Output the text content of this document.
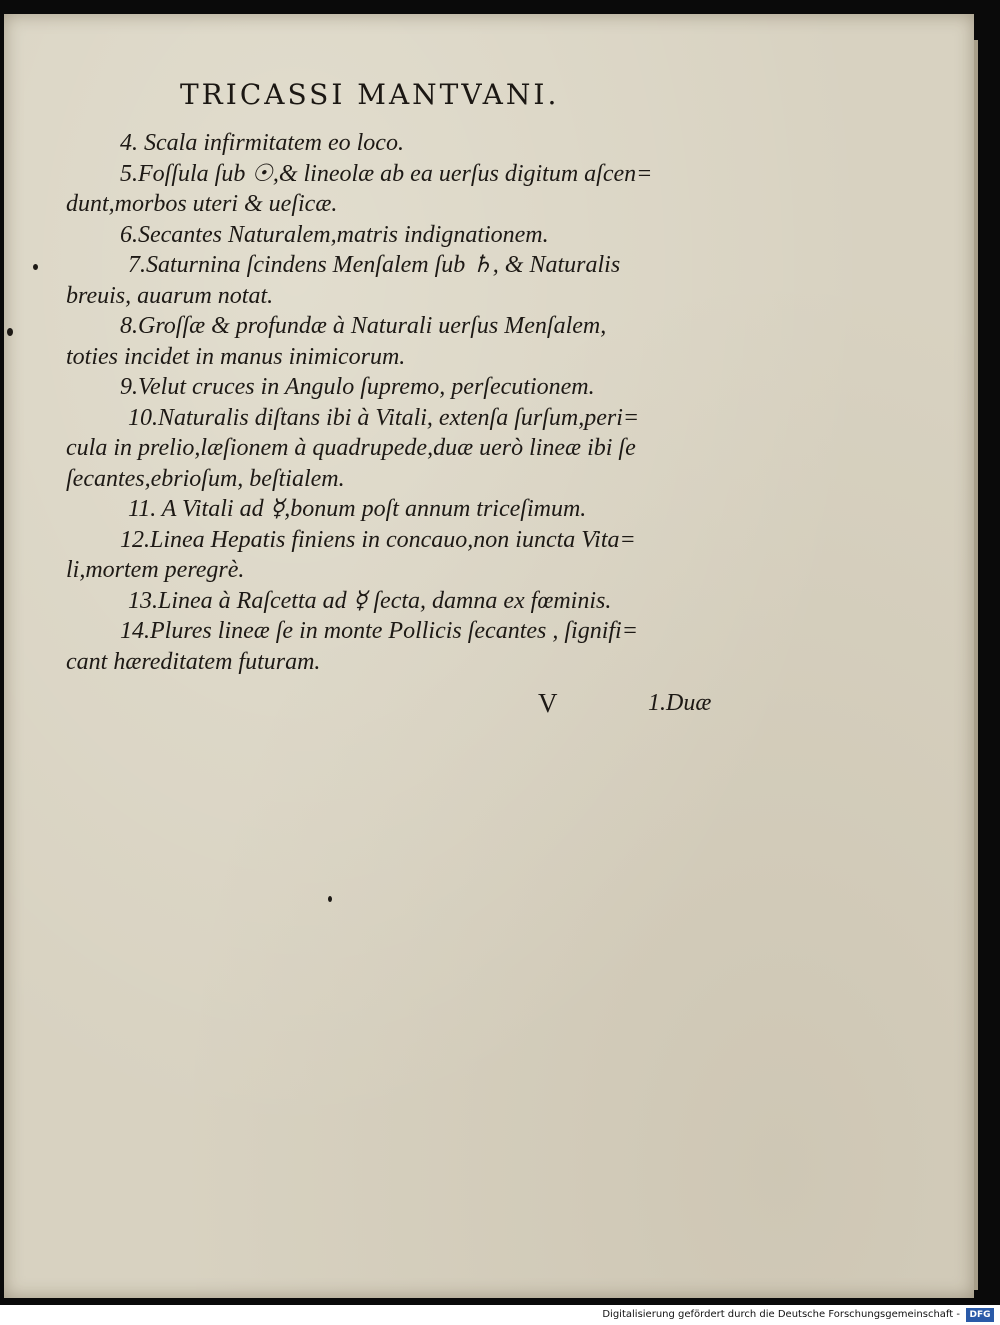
TRICASSI MANTVANI.
4. Scala infirmitatem eo loco.
5.Foſſula ſub ☉,& lineolæ ab ea uerſus digitum aſcen=
dunt,morbos uteri & ueſicæ.
6.Secantes Naturalem,matris indignationem.
7.Saturnina ſcindens Menſalem ſub ♄, & Naturalis
breuis, auarum notat.
8.Groſſæ & profundæ à Naturali uerſus Menſalem,
toties incidet in manus inimicorum.
9.Velut cruces in Angulo ſupremo, perſecutionem.
10.Naturalis diſtans ibi à Vitali, extenſa ſurſum,peri=
cula in prelio,læſionem à quadrupede,duæ uerò lineæ ibi ſe
ſecantes,ebrioſum, beſtialem.
11. A Vitali ad ☿,bonum poſt annum triceſimum.
12.Linea Hepatis finiens in concauo,non iuncta Vita=
li,mortem peregrè.
13.Linea à Raſcetta ad ☿ ſecta, damna ex fœminis.
14.Plures lineæ ſe in monte Pollicis ſecantes , ſignifi=
cant hæreditatem futuram.
V	1.Duæ
Digitalisierung gefördert durch die Deutsche Forschungsgemeinschaft -	DFG
